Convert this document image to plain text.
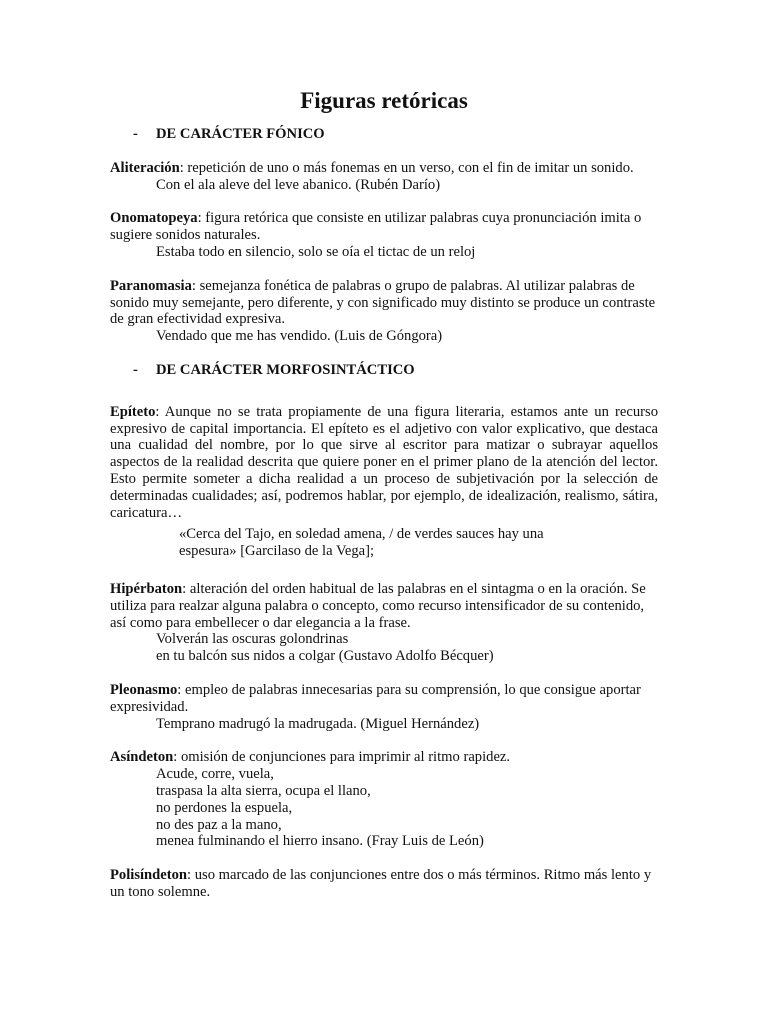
Figuras retóricas

- DE CARÁCTER FÓNICO

Aliteración: repetición de uno o más fonemas en un verso, con el fin de imitar un sonido.

Con el ala aleve del leve abanico. (Rubén Darío)

Onomatopeya: figura retórica que consiste en utilizar palabras cuya pronunciación imita o sugiere sonidos naturales.

Estaba todo en silencio, solo se oía el tictac de un reloj

Paranomasia: semejanza fonética de palabras o grupo de palabras. Al utilizar palabras de sonido muy semejante, pero diferente, y con significado muy distinto se produce un contraste de gran efectividad expresiva.

Vendado que me has vendido. (Luis de Góngora)

- DE CARÁCTER MORFOSINTÁCTICO

Epíteto: Aunque no se trata propiamente de una figura literaria, estamos ante un recurso expresivo de capital importancia. El epíteto es el adjetivo con valor explicativo, que destaca una cualidad del nombre, por lo que sirve al escritor para matizar o subrayar aquellos aspectos de la realidad descrita que quiere poner en el primer plano de la atención del lector. Esto permite someter a dicha realidad a un proceso de subjetivación por la selección de determinadas cualidades; así, podremos hablar, por ejemplo, de idealización, realismo, sátira, caricatura…

«Cerca del Tajo, en soledad amena, / de verdes sauces hay una espesura» [Garcilaso de la Vega];

Hipérbaton: alteración del orden habitual de las palabras en el sintagma o en la oración. Se utiliza para realzar alguna palabra o concepto, como recurso intensificador de su contenido, así como para embellecer o dar elegancia a la frase.

Volverán las oscuras golondrinas

en tu balcón sus nidos a colgar (Gustavo Adolfo Bécquer)

Pleonasmo: empleo de palabras innecesarias para su comprensión, lo que consigue aportar expresividad.

Temprano madrugó la madrugada. (Miguel Hernández)

Asíndeton: omisión de conjunciones para imprimir al ritmo rapidez.

Acude, corre, vuela,

traspasa la alta sierra, ocupa el llano,

no perdones la espuela,

no des paz a la mano,

menea fulminando el hierro insano. (Fray Luis de León)

Polisíndeton: uso marcado de las conjunciones entre dos o más términos. Ritmo más lento y un tono solemne.
